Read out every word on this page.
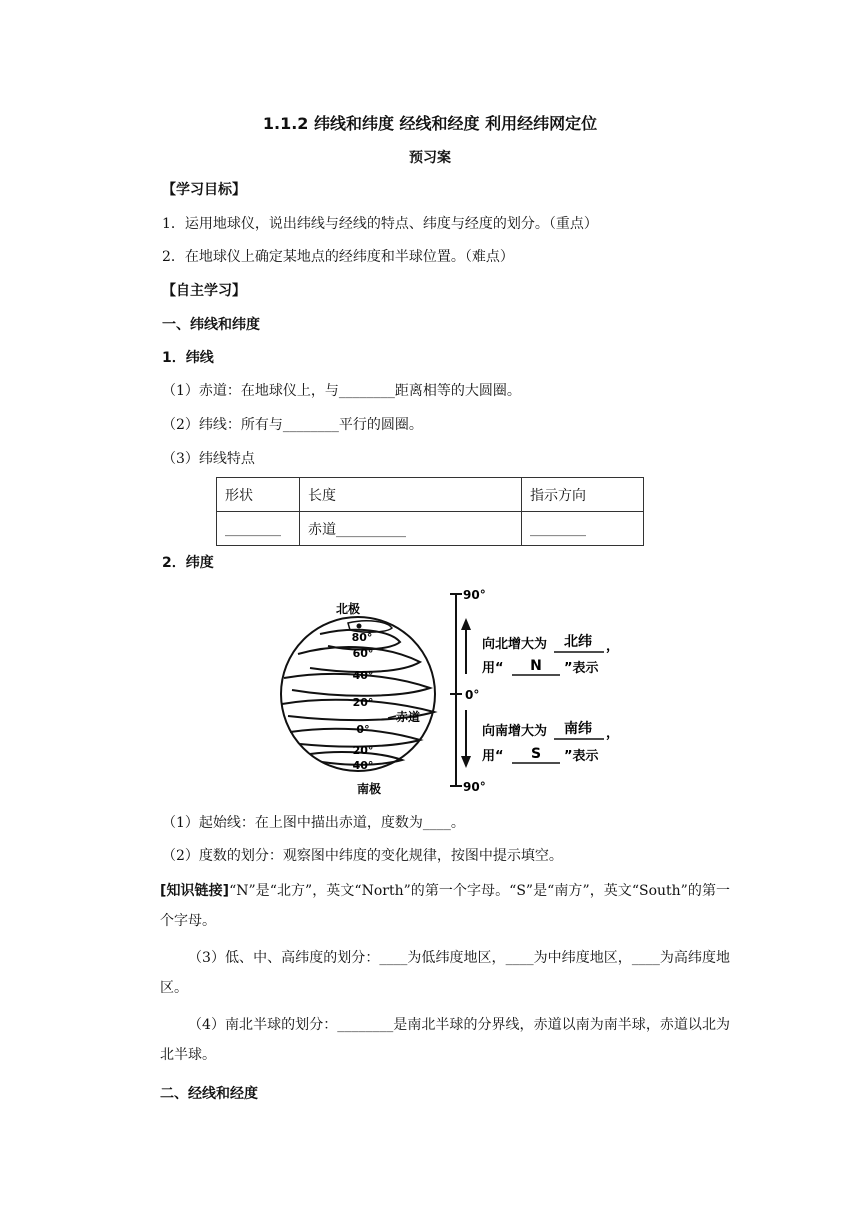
1.1.2 纬线和纬度 经线和经度 利用经纬网定位
预习案
【学习目标】
1．运用地球仪，说出纬线与经线的特点、纬度与经度的划分。（重点）
2．在地球仪上确定某地点的经纬度和半球位置。（难点）
【自主学习】
一、纬线和纬度
1．纬线
（1）赤道：在地球仪上，与________距离相等的大圆圈。
（2）纬线：所有与________平行的圆圈。
（3）纬线特点
形状	长度	指示方向
________	赤道__________	________
2．纬度
北极
80°
60°
40°
20°
0°
20°
40°
赤道
南极
90°
0°
90°
向北增大为 北纬 ，
用“ N ”表示
向南增大为 南纬 ，
用“ S ”表示
（1）起始线：在上图中描出赤道，度数为____。
（2）度数的划分：观察图中纬度的变化规律，按图中提示填空。
[知识链接]“N”是“北方”，英文“North”的第一个字母。“S”是“南方”，英文“South”的第一个字母。
（3）低、中、高纬度的划分：____为低纬度地区，____为中纬度地区，____为高纬度地区。
（4）南北半球的划分：________是南北半球的分界线，赤道以南为南半球，赤道以北为北半球。
二、经线和经度
